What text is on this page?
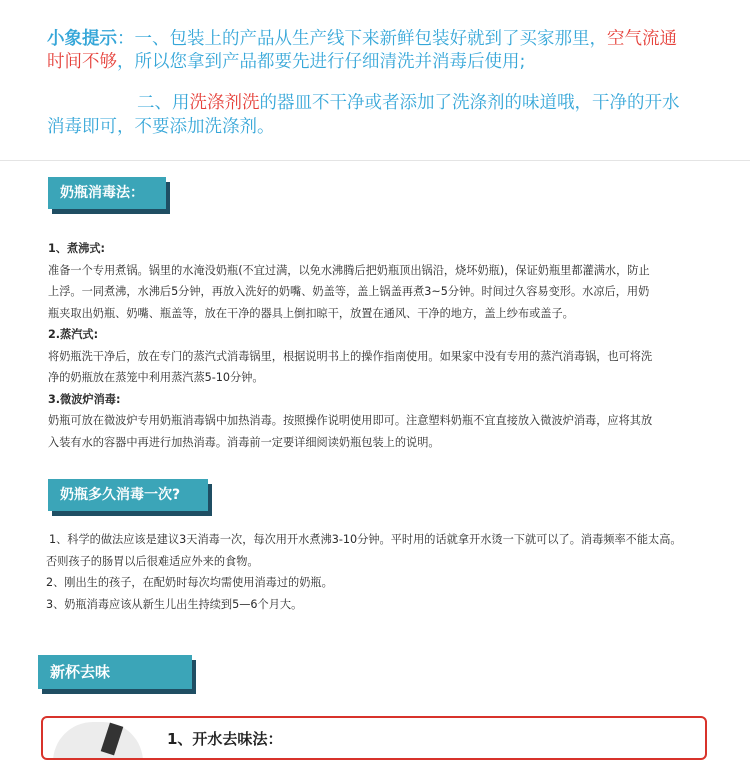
小象提示：一、包装上的产品从生产线下来新鲜包装好就到了买家那里，空气流通
时间不够，所以您拿到产品都要先进行仔细清洗并消毒后使用;
二、用洗涤剂洗的器皿不干净或者添加了洗涤剂的味道哦，干净的开水
消毒即可，不要添加洗涤剂。
奶瓶消毒法：

1、煮沸式:

准备一个专用煮锅。锅里的水淹没奶瓶(不宜过满，以免水沸腾后把奶瓶顶出锅沿，烧坏奶瓶)，保证奶瓶里都灌满水，防止

上浮。一同煮沸，水沸后5分钟，再放入洗好的奶嘴、奶盖等，盖上锅盖再煮3~5分钟。时间过久容易变形。水凉后，用奶

瓶夹取出奶瓶、奶嘴、瓶盖等，放在干净的器具上倒扣晾干，放置在通风、干净的地方，盖上纱布或盖子。

2.蒸汽式:

将奶瓶洗干净后，放在专门的蒸汽式消毒锅里，根据说明书上的操作指南使用。如果家中没有专用的蒸汽消毒锅，也可将洗

净的奶瓶放在蒸笼中利用蒸汽蒸5-10分钟。

3.微波炉消毒:

奶瓶可放在微波炉专用奶瓶消毒锅中加热消毒。按照操作说明使用即可。注意塑料奶瓶不宜直接放入微波炉消毒，应将其放

入装有水的容器中再进行加热消毒。消毒前一定要详细阅读奶瓶包装上的说明。

奶瓶多久消毒一次?

1、科学的做法应该是建议3天消毒一次，每次用开水煮沸3-10分钟。平时用的话就拿开水烫一下就可以了。消毒频率不能太高。

否则孩子的肠胃以后很难适应外来的食物。

2、刚出生的孩子，在配奶时每次均需使用消毒过的奶瓶。

3、奶瓶消毒应该从新生儿出生持续到5—6个月大。

新杯去味
1、开水去味法：
